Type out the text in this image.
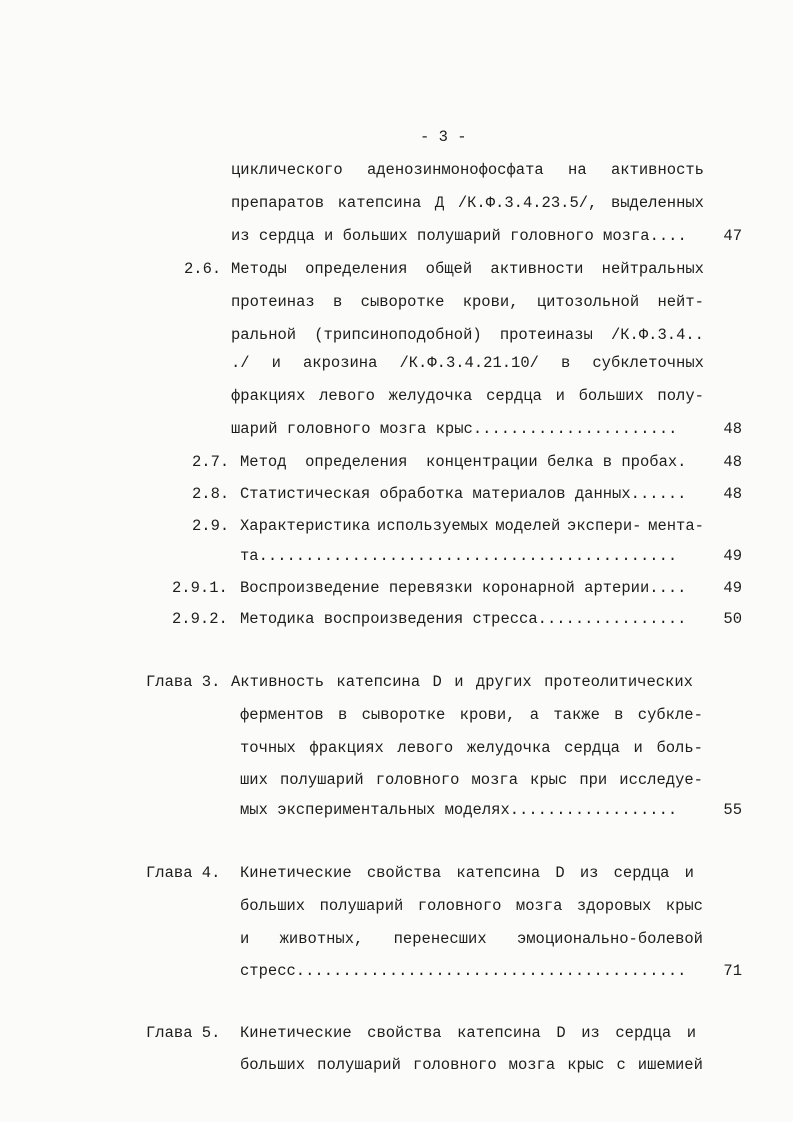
- 3 -
циклического аденозинмонофосфата на активность
препаратов катепсина Д /К.Ф.3.4.23.5/, выделенных
из сердца и больших полушарий головного мозга....	47
2.6. Методы определения общей активности нейтральных
протеиназ в сыворотке крови, цитозольной нейт-
ральной (трипсиноподобной) протеиназы /К.Ф.3.4..
./ и акрозина /К.Ф.3.4.21.10/ в субклеточных
фракциях левого желудочка сердца и больших полу-
шарий головного мозга крыс......................	48
2.7. Метод  определения  концентрации белка в пробах.	48
2.8. Статистическая обработка материалов данных......	48
2.9. Характеристика используемых моделей экспери- мента-
та.............................................	49
2.9.1. Воспроизведение перевязки коронарной артерии....	49
2.9.2. Методика воспроизведения стресса................	50
Глава 3. Активность катепсина D и других протеолитических
ферментов в сыворотке крови, а также в субкле-
точных фракциях левого желудочка сердца и боль-
ших полушарий головного мозга крыс при исследуе-
мых экспериментальных моделях..................	55
Глава 4. Кинетические свойства катепсина D из сердца и
больших полушарий головного мозга здоровых крыс
и животных, перенесших эмоционально-болевой
стресс..........................................	71
Глава 5. Кинетические свойства катепсина D из сердца и
больших полушарий головного мозга крыс с ишемией
